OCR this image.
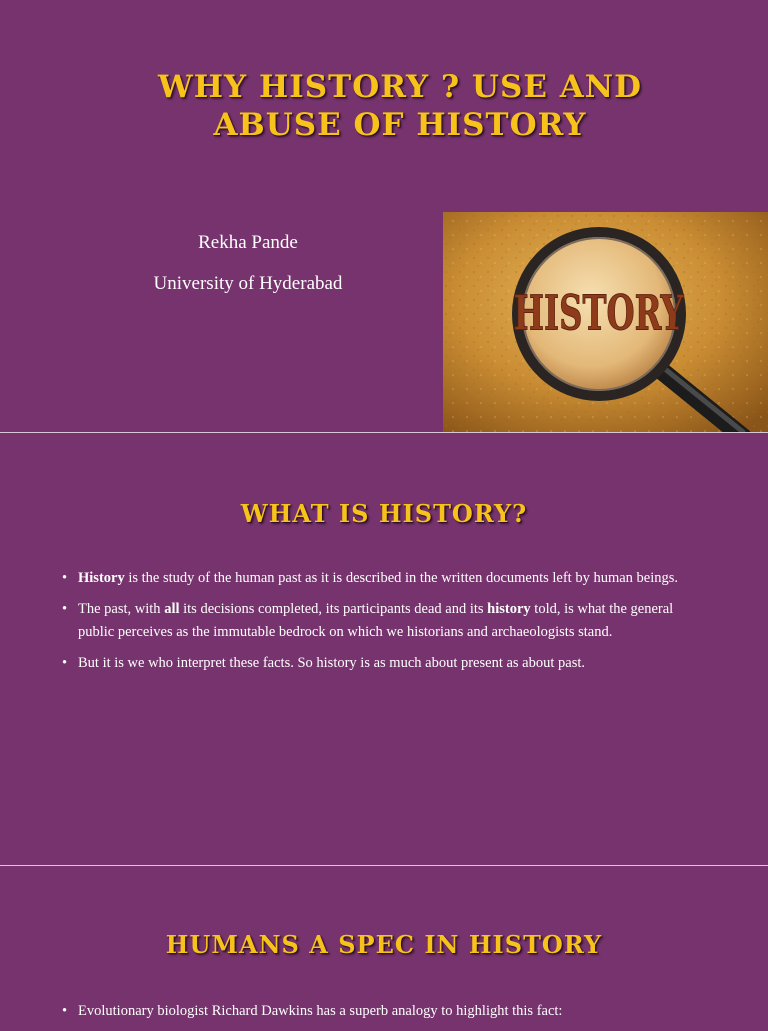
WHY HISTORY ? USE AND
ABUSE OF HISTORY
Rekha Pande
University of Hyderabad
HISTORY
WHAT IS HISTORY?
• History is the study of the human past as it is described in the written documents left by human beings.
• The past, with all its decisions completed, its participants dead and its history told, is what the general public perceives as the immutable bedrock on which we historians and archaeologists stand.
• But it is we who interpret these facts. So history is as much about present as about past.
HUMANS A SPEC IN HISTORY
• Evolutionary biologist Richard Dawkins has a superb analogy to highlight this fact:
